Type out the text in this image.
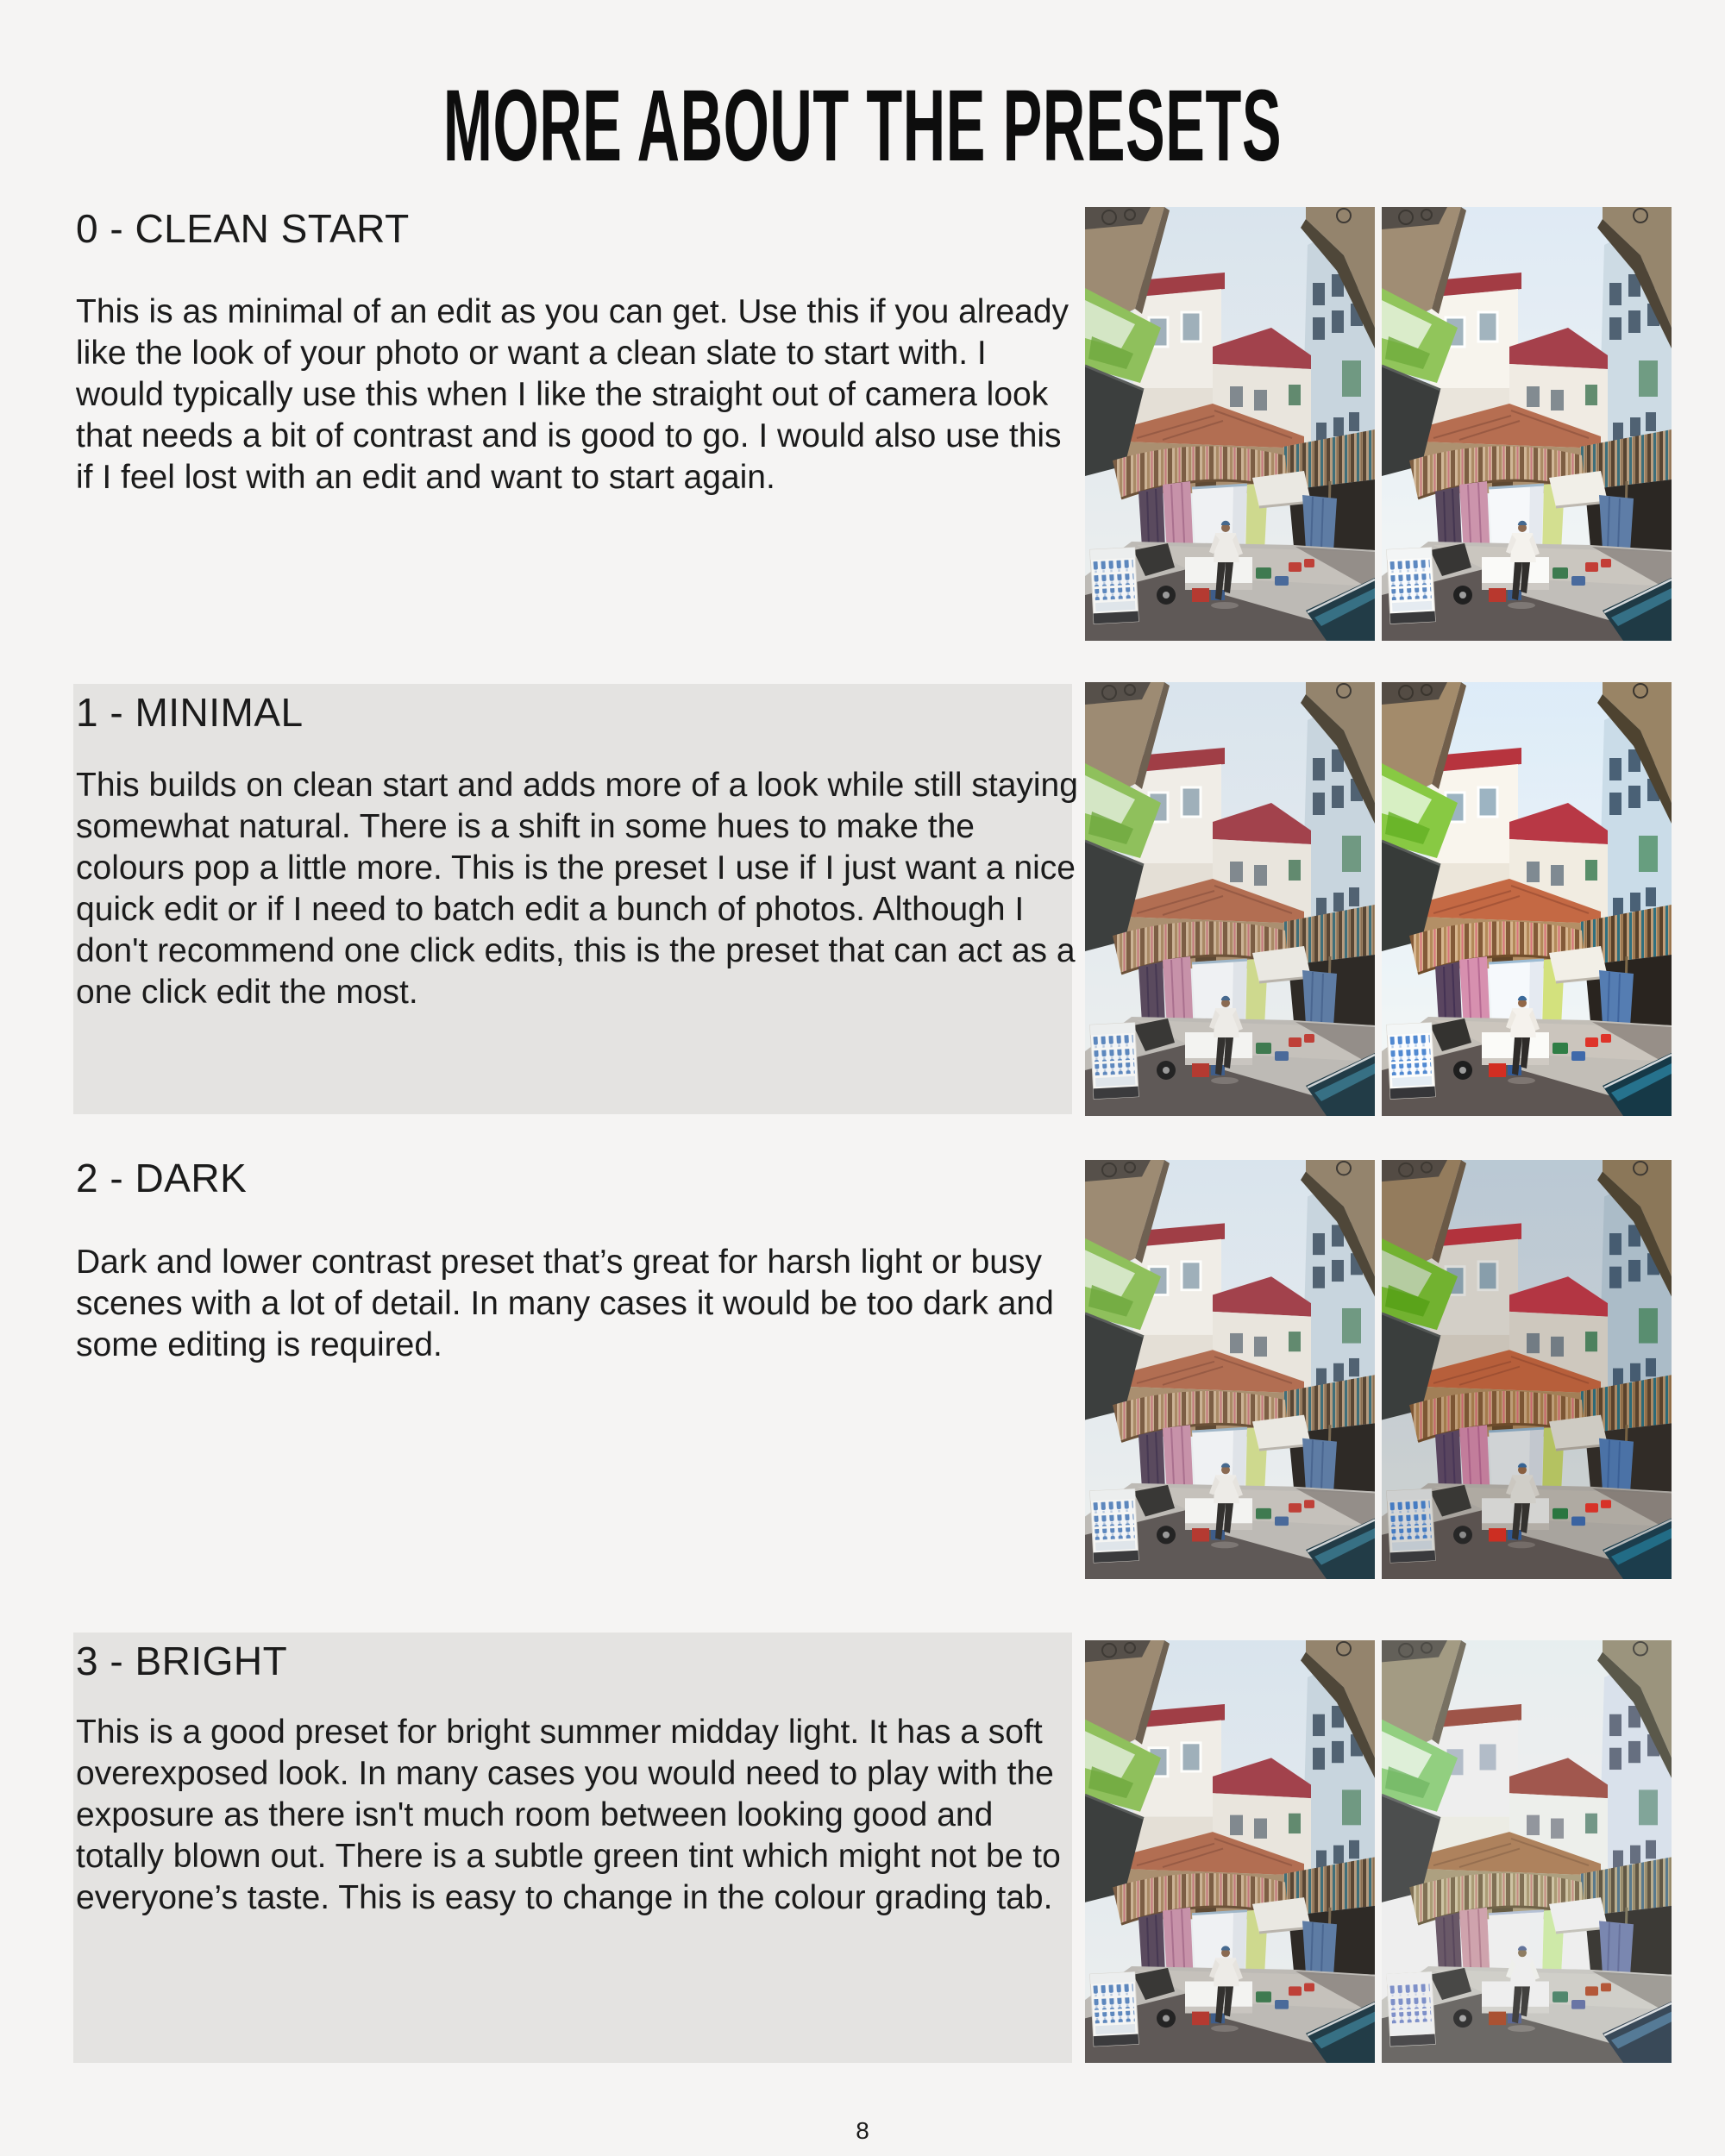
MORE ABOUT THE PRESETS
0 - CLEAN START

This is as minimal of an edit as you can get. Use this if you already like the look of your photo or want a clean slate to start with. I would typically use this when I like the straight out of camera look that needs a bit of contrast and is good to go. I would also use this if I feel lost with an edit and want to start again.

1 - MINIMAL

This builds on clean start and adds more of a look while still staying somewhat natural. There is a shift in some hues to make the colours pop a little more. This is the preset I use if I just want a nice quick edit or if I need to batch edit a bunch of photos. Although I don't recommend one click edits, this is the preset that can act as a one click edit the most.

2 - DARK

Dark and lower contrast preset that’s great for harsh light or busy scenes with a lot of detail. In many cases it would be too dark and some editing is required.

3 - BRIGHT

This is a good preset for bright summer midday light. It has a soft overexposed look. In many cases you would need to play with the exposure as there isn't much room between looking good and totally blown out. There is a subtle green tint which might not be to everyone’s taste. This is easy to change in the colour grading tab.

8
